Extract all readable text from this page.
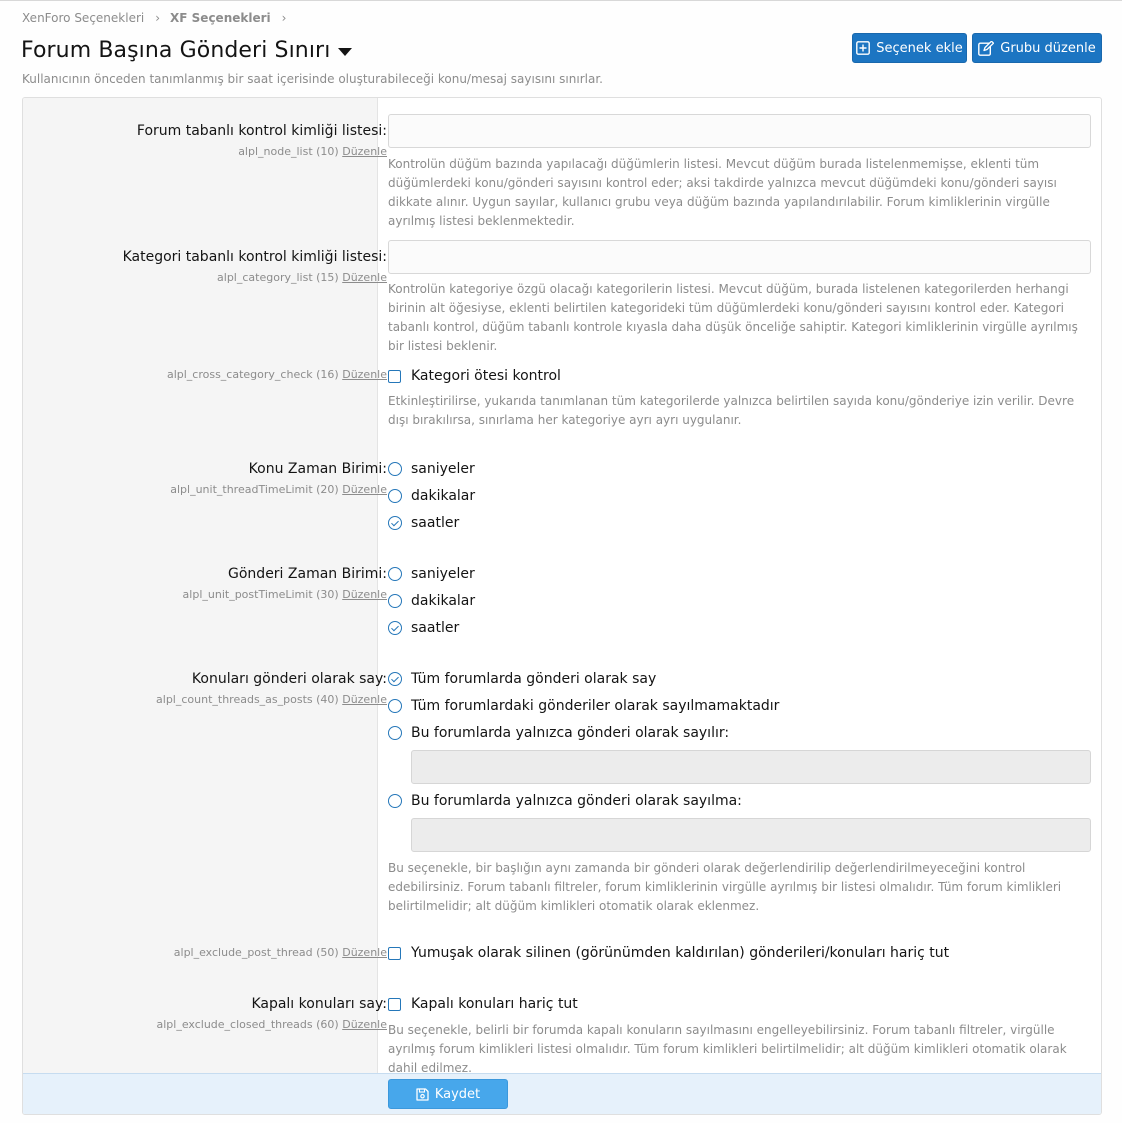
XenForo Seçenekleri › XF Seçenekleri ›
Forum Başına Gönderi Sınırı	Seçenek ekle	Grubu düzenle
Kullanıcının önceden tanımlanmış bir saat içerisinde oluşturabileceği konu/mesaj sayısını sınırlar.
Forum tabanlı kontrol kimliği listesi:
alpl_node_list (10) Düzenle
Kontrolün düğüm bazında yapılacağı düğümlerin listesi. Mevcut düğüm burada listelenmemişse, eklenti tüm düğümlerdeki konu/gönderi sayısını kontrol eder; aksi takdirde yalnızca mevcut düğümdeki konu/gönderi sayısı dikkate alınır. Uygun sayılar, kullanıcı grubu veya düğüm bazında yapılandırılabilir. Forum kimliklerinin virgülle ayrılmış listesi beklenmektedir.
Kategori tabanlı kontrol kimliği listesi:
alpl_category_list (15) Düzenle
Kontrolün kategoriye özgü olacağı kategorilerin listesi. Mevcut düğüm, burada listelenen kategorilerden herhangi birinin alt öğesiyse, eklenti belirtilen kategorideki tüm düğümlerdeki konu/gönderi sayısını kontrol eder. Kategori tabanlı kontrol, düğüm tabanlı kontrole kıyasla daha düşük önceliğe sahiptir. Kategori kimliklerinin virgülle ayrılmış bir listesi beklenir.
alpl_cross_category_check (16) Düzenle Kategori ötesi kontrol
Etkinleştirilirse, yukarıda tanımlanan tüm kategorilerde yalnızca belirtilen sayıda konu/gönderiye izin verilir. Devre dışı bırakılırsa, sınırlama her kategoriye ayrı ayrı uygulanır.
Konu Zaman Birimi:
alpl_unit_threadTimeLimit (20) Düzenle
saniyeler
dakikalar
saatler
Gönderi Zaman Birimi:
alpl_unit_postTimeLimit (30) Düzenle
saniyeler
dakikalar
saatler
Konuları gönderi olarak say:
alpl_count_threads_as_posts (40) Düzenle
Tüm forumlarda gönderi olarak say
Tüm forumlardaki gönderiler olarak sayılmamaktadır
Bu forumlarda yalnızca gönderi olarak sayılır:
Bu forumlarda yalnızca gönderi olarak sayılma:
Bu seçenekle, bir başlığın aynı zamanda bir gönderi olarak değerlendirilip değerlendirilmeyeceğini kontrol edebilirsiniz. Forum tabanlı filtreler, forum kimliklerinin virgülle ayrılmış bir listesi olmalıdır. Tüm forum kimlikleri belirtilmelidir; alt düğüm kimlikleri otomatik olarak eklenmez.
alpl_exclude_post_thread (50) Düzenle Yumuşak olarak silinen (görünümden kaldırılan) gönderileri/konuları hariç tut
Kapalı konuları say:
alpl_exclude_closed_threads (60) Düzenle
Kapalı konuları hariç tut
Bu seçenekle, belirli bir forumda kapalı konuların sayılmasını engelleyebilirsiniz. Forum tabanlı filtreler, virgülle ayrılmış forum kimlikleri listesi olmalıdır. Tüm forum kimlikleri belirtilmelidir; alt düğüm kimlikleri otomatik olarak dahil edilmez.
Kaydet
